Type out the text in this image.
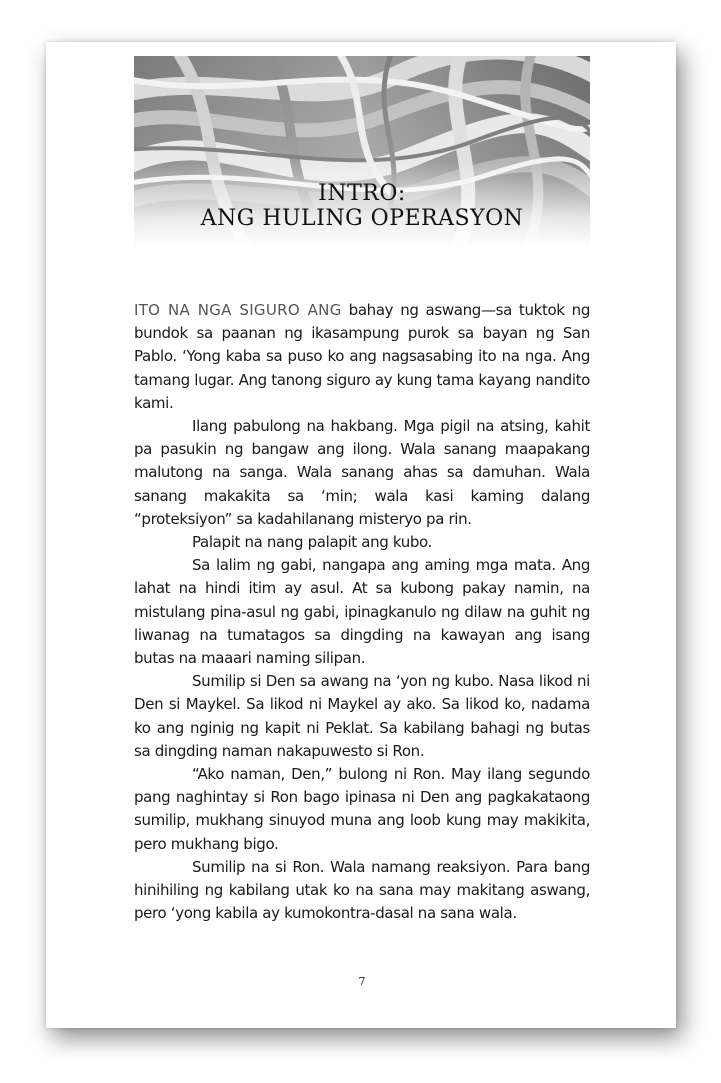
INTRO:
ANG HULING OPERASYON

ITO NA NGA SIGURO ANG bahay ng aswang—sa tuktok ng bundok sa paanan ng ikasampung purok sa bayan ng San Pablo. ‘Yong kaba sa puso ko ang nagsasabing ito na nga. Ang tamang lugar. Ang tanong siguro ay kung tama kayang nandito kami.

Ilang pabulong na hakbang. Mga pigil na atsing, kahit pa pasukin ng bangaw ang ilong. Wala sanang maapakang malutong na sanga. Wala sanang ahas sa damuhan. Wala sanang makakita sa ‘min; wala kasi kaming dalang “proteksiyon” sa kadahilanang misteryo pa rin.

Palapit na nang palapit ang kubo.

Sa lalim ng gabi, nangapa ang aming mga mata. Ang lahat na hindi itim ay asul. At sa kubong pakay namin, na mistulang pina-asul ng gabi, ipinagkanulo ng dilaw na guhit ng liwanag na tumatagos sa dingding na kawayan ang isang butas na maaari naming silipan.

Sumilip si Den sa awang na ‘yon ng kubo. Nasa likod ni Den si Maykel. Sa likod ni Maykel ay ako. Sa likod ko, nadama ko ang nginig ng kapit ni Peklat. Sa kabilang bahagi ng butas sa dingding naman nakapuwesto si Ron.

“Ako naman, Den,” bulong ni Ron. May ilang segundo pang naghintay si Ron bago ipinasa ni Den ang pagkakataong sumilip, mukhang sinuyod muna ang loob kung may makikita, pero mukhang bigo.

Sumilip na si Ron. Wala namang reaksiyon. Para bang hinihiling ng kabilang utak ko na sana may makitang aswang, pero ‘yong kabila ay kumokontra-dasal na sana wala.

7
